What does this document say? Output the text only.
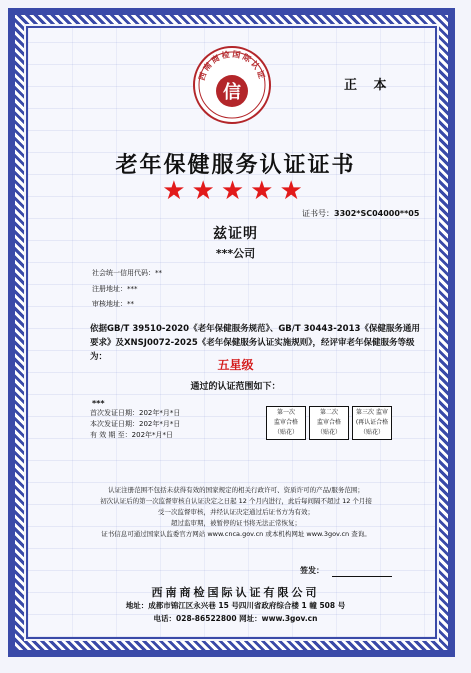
西南商检国际认证
信	正 本
老年保健服务认证证书
★★★★★
证书号：3302*SC04000**05
兹证明
***公司
社会统一信用代码：**
注册地址：***
审核地址：**
依据GB/T 39510-2020《老年保健服务规范》、GB/T 30443-2013《保健服务通用要求》及XNSJ0072-2025《老年保健服务认证实施规则》，经评审老年保健服务等级为：
五星级
通过的认证范围如下：
***
首次发证日期：202年*月*日
本次发证日期：202年*月*日
有 效 期 至：202年*月*日
第一次
监审合格
（贴花）
第二次
监审合格
（贴花）
第三次 监审
(再认证合格
（贴花）
认证注册范围不包括未获得有效的国家规定的相关行政许可、资质许可的产品/服务范围；
初次认证后的第一次监督审核自认证决定之日起 12 个月内进行，此后每间隔不超过 12 个月接
受一次监督审核，并经认证决定通过后证书方为有效；
超过监审期，被暂停的证书将无法正常恢复；
证书信息可通过国家认监委官方网站 www.cnca.gov.cn 或本机构网址 www.3gov.cn 查询。
签发：
西南商检国际认证有限公司
地址：成都市锦江区永兴巷 15 号四川省政府综合楼 1 幢 508 号
电话：028-86522800 网址：www.3gov.cn
